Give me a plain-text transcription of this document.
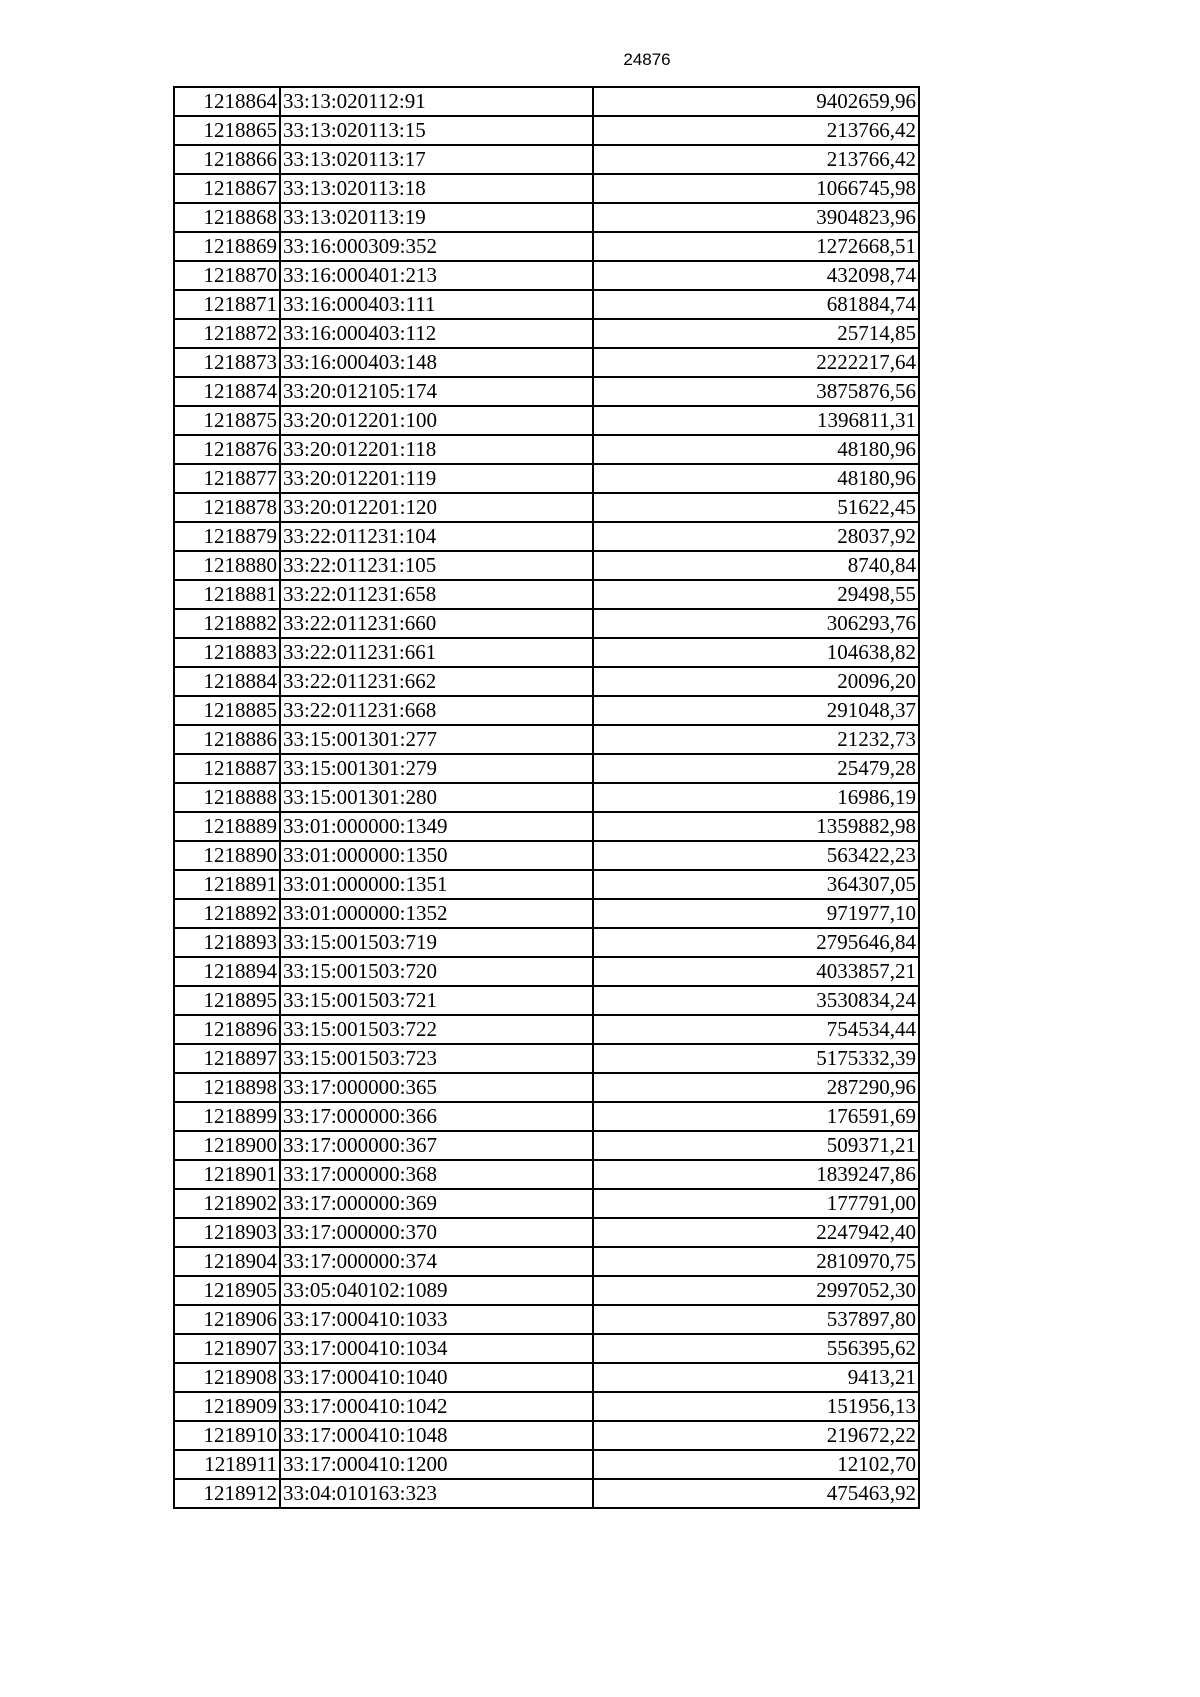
24876
1218864	33:13:020112:91	9402659,96
1218865	33:13:020113:15	213766,42
1218866	33:13:020113:17	213766,42
1218867	33:13:020113:18	1066745,98
1218868	33:13:020113:19	3904823,96
1218869	33:16:000309:352	1272668,51
1218870	33:16:000401:213	432098,74
1218871	33:16:000403:111	681884,74
1218872	33:16:000403:112	25714,85
1218873	33:16:000403:148	2222217,64
1218874	33:20:012105:174	3875876,56
1218875	33:20:012201:100	1396811,31
1218876	33:20:012201:118	48180,96
1218877	33:20:012201:119	48180,96
1218878	33:20:012201:120	51622,45
1218879	33:22:011231:104	28037,92
1218880	33:22:011231:105	8740,84
1218881	33:22:011231:658	29498,55
1218882	33:22:011231:660	306293,76
1218883	33:22:011231:661	104638,82
1218884	33:22:011231:662	20096,20
1218885	33:22:011231:668	291048,37
1218886	33:15:001301:277	21232,73
1218887	33:15:001301:279	25479,28
1218888	33:15:001301:280	16986,19
1218889	33:01:000000:1349	1359882,98
1218890	33:01:000000:1350	563422,23
1218891	33:01:000000:1351	364307,05
1218892	33:01:000000:1352	971977,10
1218893	33:15:001503:719	2795646,84
1218894	33:15:001503:720	4033857,21
1218895	33:15:001503:721	3530834,24
1218896	33:15:001503:722	754534,44
1218897	33:15:001503:723	5175332,39
1218898	33:17:000000:365	287290,96
1218899	33:17:000000:366	176591,69
1218900	33:17:000000:367	509371,21
1218901	33:17:000000:368	1839247,86
1218902	33:17:000000:369	177791,00
1218903	33:17:000000:370	2247942,40
1218904	33:17:000000:374	2810970,75
1218905	33:05:040102:1089	2997052,30
1218906	33:17:000410:1033	537897,80
1218907	33:17:000410:1034	556395,62
1218908	33:17:000410:1040	9413,21
1218909	33:17:000410:1042	151956,13
1218910	33:17:000410:1048	219672,22
1218911	33:17:000410:1200	12102,70
1218912	33:04:010163:323	475463,92
